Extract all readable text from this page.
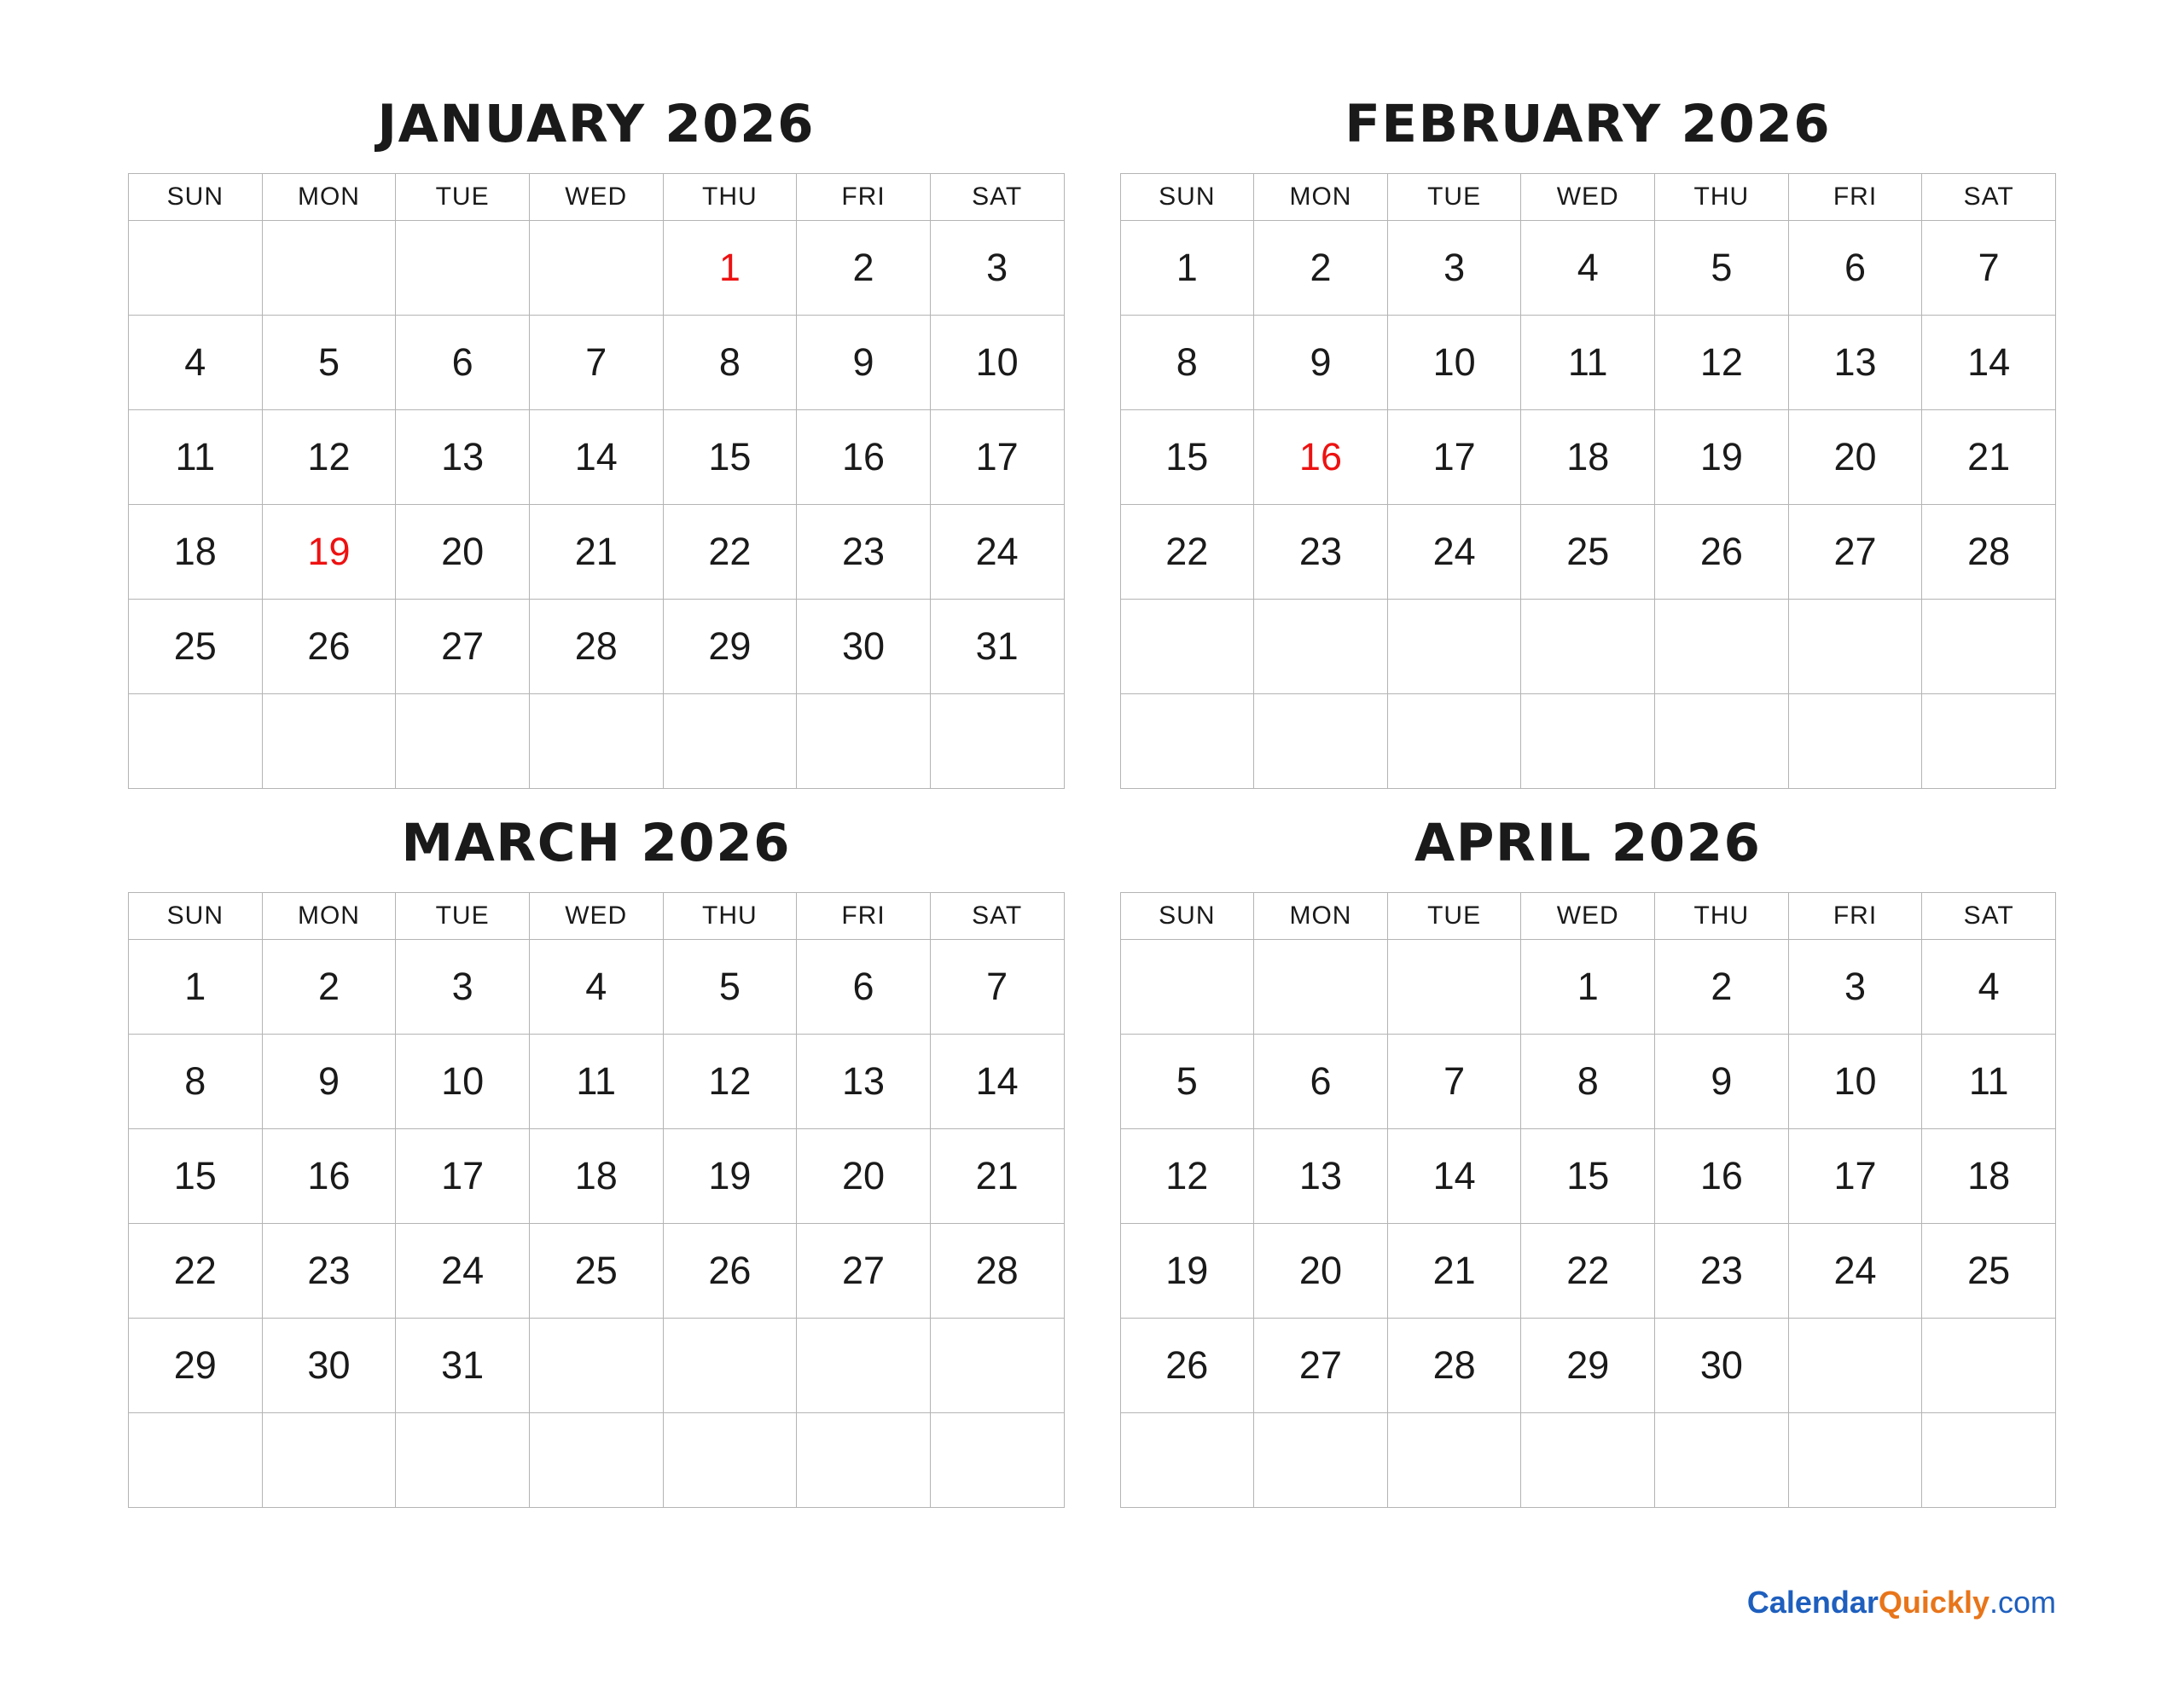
JANUARY 2026
SUN	MON	TUE	WED	THU	FRI	SAT
				1	2	3
4	5	6	7	8	9	10
11	12	13	14	15	16	17
18	19	20	21	22	23	24
25	26	27	28	29	30	31

FEBRUARY 2026
SUN	MON	TUE	WED	THU	FRI	SAT
1	2	3	4	5	6	7
8	9	10	11	12	13	14
15	16	17	18	19	20	21
22	23	24	25	26	27	28

MARCH 2026
SUN	MON	TUE	WED	THU	FRI	SAT
1	2	3	4	5	6	7
8	9	10	11	12	13	14
15	16	17	18	19	20	21
22	23	24	25	26	27	28
29	30	31				

APRIL 2026
SUN	MON	TUE	WED	THU	FRI	SAT
			1	2	3	4
5	6	7	8	9	10	11
12	13	14	15	16	17	18
19	20	21	22	23	24	25
26	27	28	29	30		

CalendarQuickly.com
